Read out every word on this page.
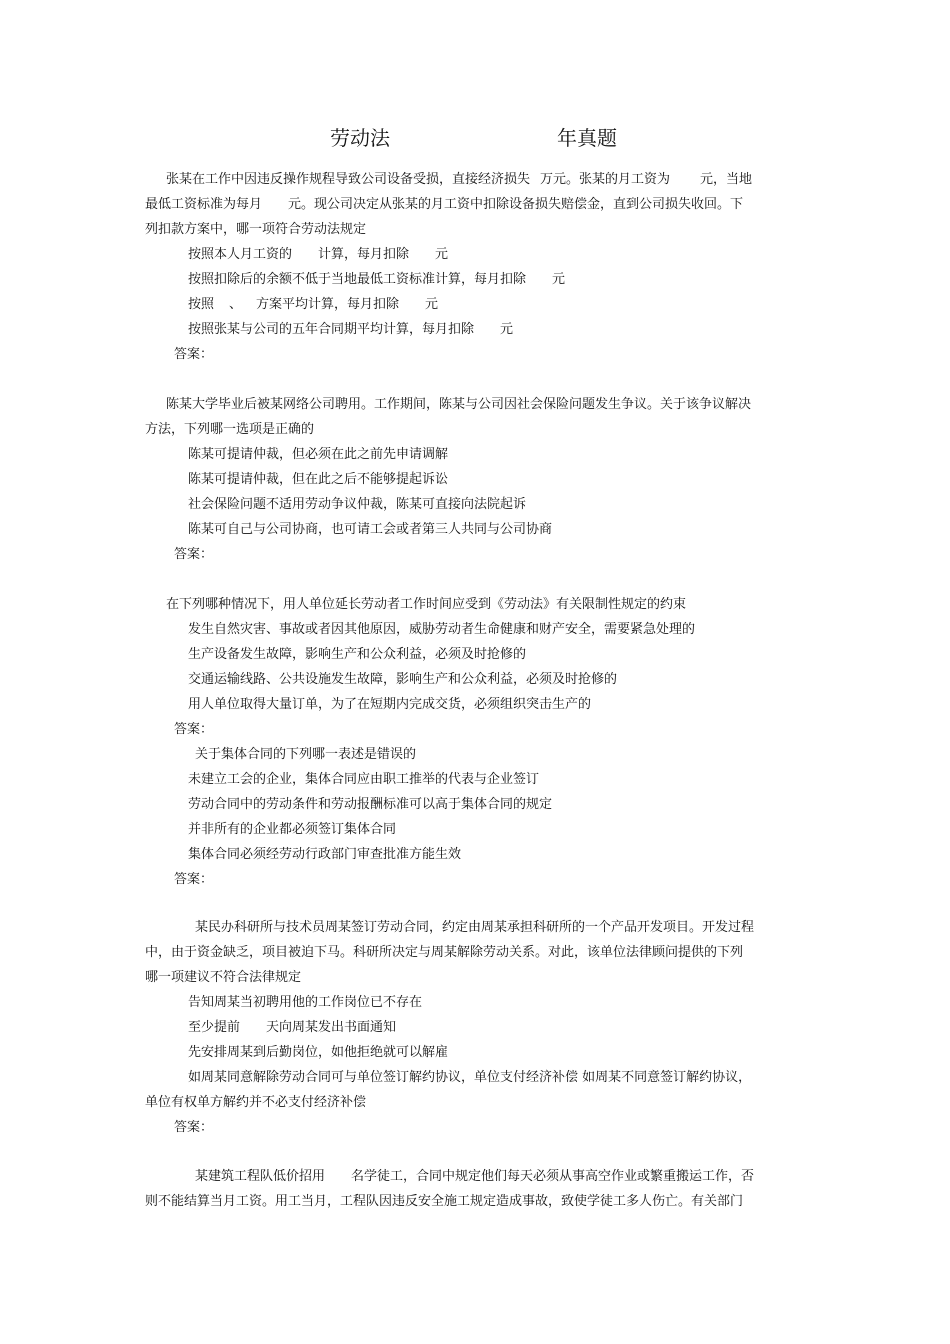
劳动法	年真题
张某在工作中因违反操作规程导致公司设备受损，直接经济损失 万元。张某的月工资为 元，当地
最低工资标准为每月 元。现公司决定从张某的月工资中扣除设备损失赔偿金，直到公司损失收回。下
列扣款方案中，哪一项符合劳动法规定
按照本人月工资的 计算，每月扣除 元
按照扣除后的余额不低于当地最低工资标准计算，每月扣除 元
按照 、 方案平均计算，每月扣除 元
按照张某与公司的五年合同期平均计算，每月扣除 元
答案：
陈某大学毕业后被某网络公司聘用。工作期间，陈某与公司因社会保险问题发生争议。关于该争议解决
方法，下列哪一选项是正确的
陈某可提请仲裁，但必须在此之前先申请调解
陈某可提请仲裁，但在此之后不能够提起诉讼
社会保险问题不适用劳动争议仲裁，陈某可直接向法院起诉
陈某可自己与公司协商，也可请工会或者第三人共同与公司协商
答案：
在下列哪种情况下，用人单位延长劳动者工作时间应受到《劳动法》有关限制性规定的约束
发生自然灾害、事故或者因其他原因，威胁劳动者生命健康和财产安全，需要紧急处理的
生产设备发生故障，影响生产和公众利益，必须及时抢修的
交通运输线路、公共设施发生故障，影响生产和公众利益，必须及时抢修的
用人单位取得大量订单，为了在短期内完成交货，必须组织突击生产的
答案：
关于集体合同的下列哪一表述是错误的
未建立工会的企业，集体合同应由职工推举的代表与企业签订
劳动合同中的劳动条件和劳动报酬标准可以高于集体合同的规定
并非所有的企业都必须签订集体合同
集体合同必须经劳动行政部门审查批准方能生效
答案：
某民办科研所与技术员周某签订劳动合同，约定由周某承担科研所的一个产品开发项目。开发过程
中，由于资金缺乏，项目被迫下马。科研所决定与周某解除劳动关系。对此，该单位法律顾问提供的下列
哪一项建议不符合法律规定
告知周某当初聘用他的工作岗位已不存在
至少提前 天向周某发出书面通知
先安排周某到后勤岗位，如他拒绝就可以解雇
如周某同意解除劳动合同可与单位签订解约协议，单位支付经济补偿 如周某不同意签订解约协议，
单位有权单方解约并不必支付经济补偿
答案：
某建筑工程队低价招用 名学徒工，合同中规定他们每天必须从事高空作业或繁重搬运工作，否
则不能结算当月工资。用工当月，工程队因违反安全施工规定造成事故，致使学徒工多人伤亡。有关部门
